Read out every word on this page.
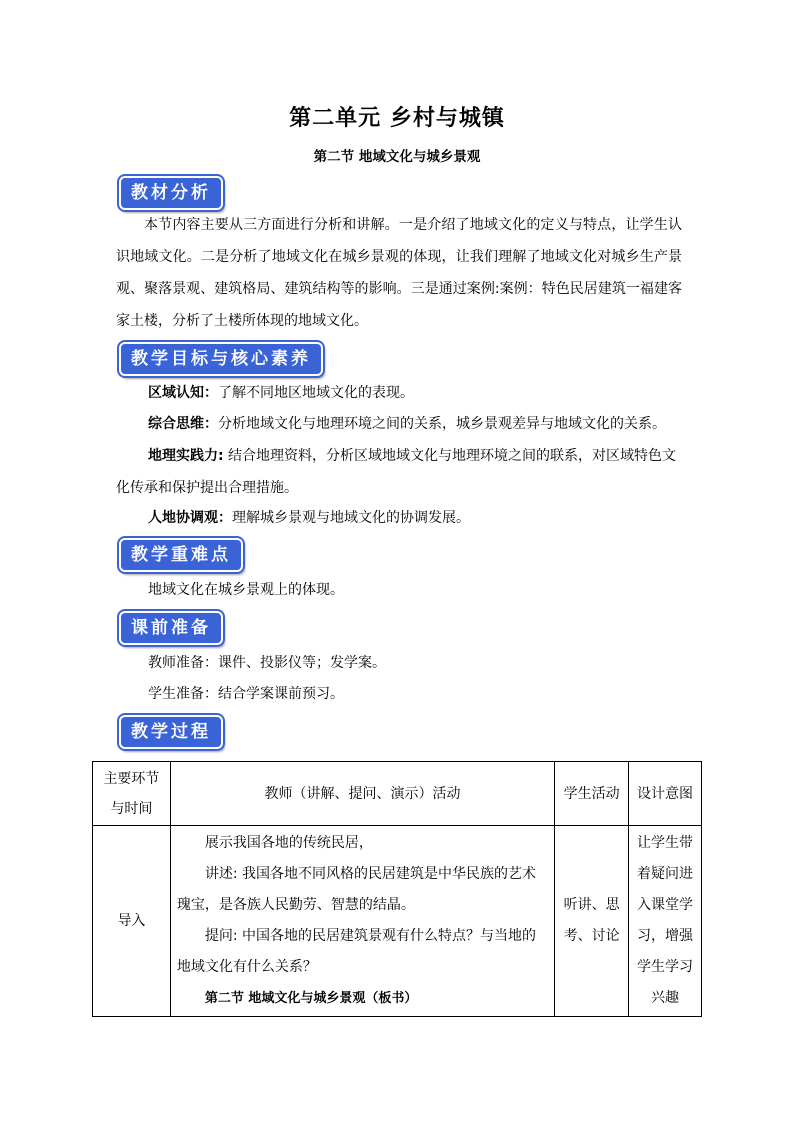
第二单元 乡村与城镇
第二节 地域文化与城乡景观
教材分析
本节内容主要从三方面进行分析和讲解。一是介绍了地域文化的定义与特点，让学生认识地域文化。二是分析了地域文化在城乡景观的体现，让我们理解了地域文化对城乡生产景观、聚落景观、建筑格局、建筑结构等的影响。三是通过案例:案例：特色民居建筑一福建客家土楼，分析了土楼所体现的地域文化。
教学目标与核心素养
区域认知：了解不同地区地域文化的表现。
综合思维：分析地域文化与地理环境之间的关系，城乡景观差异与地域文化的关系。
地理实践力: 结合地理资料，分析区域地域文化与地理环境之间的联系，对区域特色文化传承和保护提出合理措施。
人地协调观：理解城乡景观与地域文化的协调发展。
教学重难点
地域文化在城乡景观上的体现。
课前准备
教师准备：课件、投影仪等；发学案。
学生准备：结合学案课前预习。
教学过程
主要环节与时间	教师（讲解、提问、演示）活动	学生活动	设计意图
导入	展示我国各地的传统民居，
讲述: 我国各地不同风格的民居建筑是中华民族的艺术瑰宝，是各族人民勤劳、智慧的结晶。
提问: 中国各地的民居建筑景观有什么特点？与当地的地域文化有什么关系？
第二节 地域文化与城乡景观（板书）	听讲、思考、讨论	让学生带着疑问进入课堂学习，增强学生学习兴趣
